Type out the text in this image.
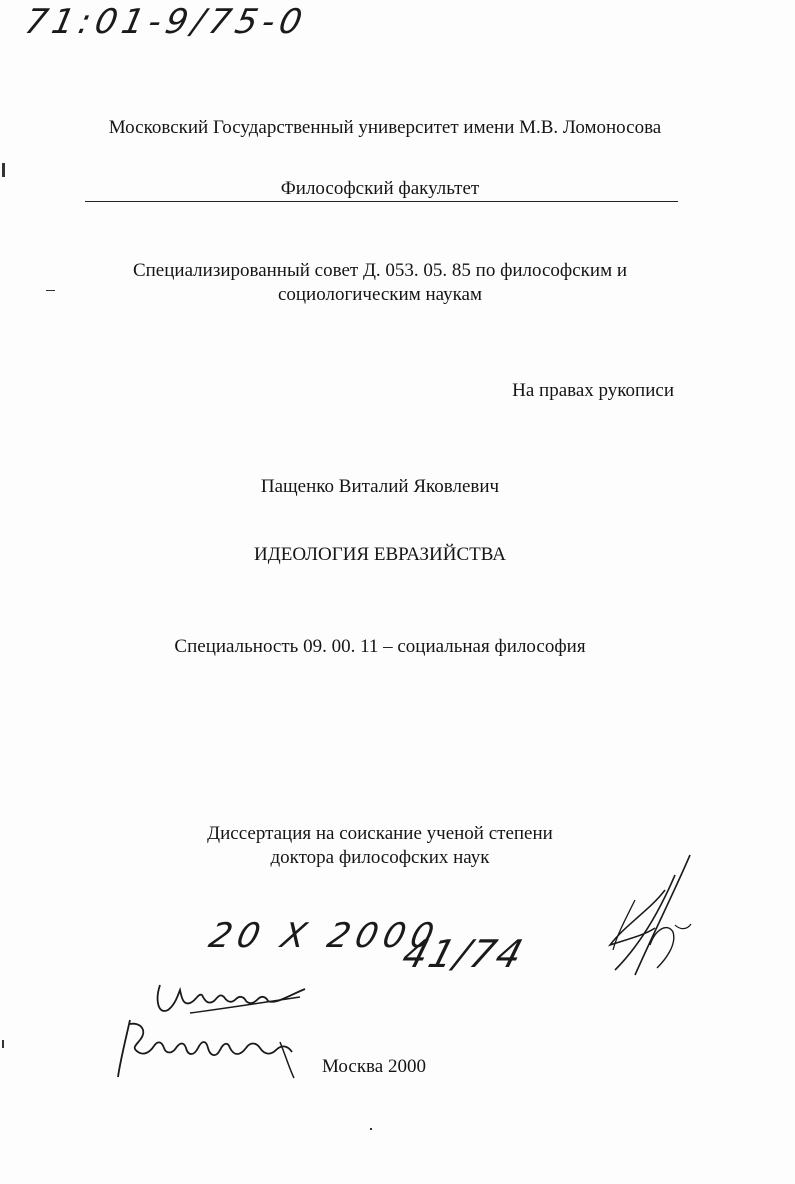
71:01-9/75-0
Московский Государственный университет имени М.В. Ломоносова
Философский факультет
Специализированный совет Д. 053. 05. 85 по философским и
социологическим наукам
На правах рукописи
Пащенко Виталий Яковлевич
ИДЕОЛОГИЯ ЕВРАЗИЙСТВА
Специальность 09. 00. 11 – социальная философия
Диссертация на соискание ученой степени
доктора философских наук
20 X 2000
41/74
Москва 2000
